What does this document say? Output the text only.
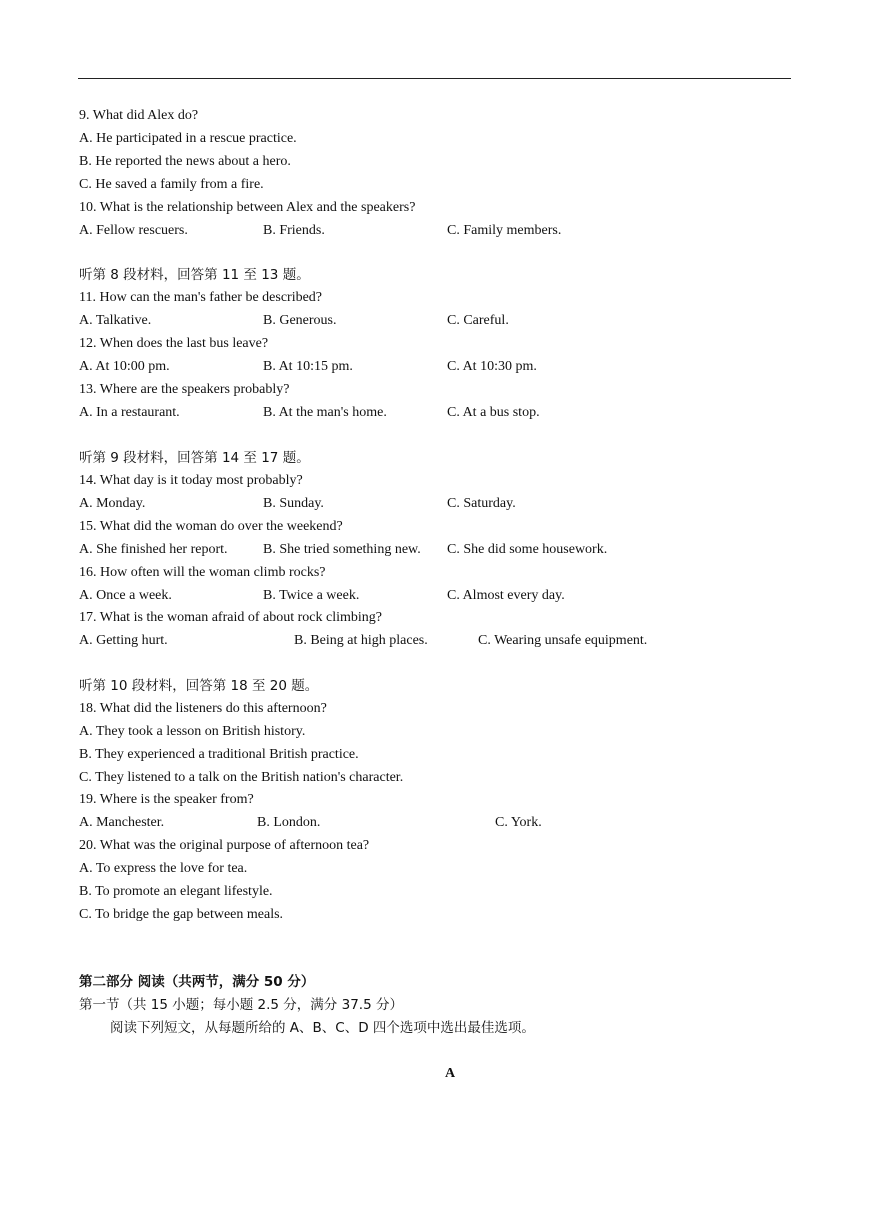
9. What did Alex do?
A. He participated in a rescue practice.
B. He reported the news about a hero.
C. He saved a family from a fire.
10. What is the relationship between Alex and the speakers?
A. Fellow rescuers.	B. Friends.	C. Family members.
听第 8 段材料，回答第 11 至 13 题。
11. How can the man's father be described?
A. Talkative.	B. Generous.	C. Careful.
12. When does the last bus leave?
A. At 10:00 pm.	B. At 10:15 pm.	C. At 10:30 pm.
13. Where are the speakers probably?
A. In a restaurant.	B. At the man's home.	C. At a bus stop.
听第 9 段材料，回答第 14 至 17 题。
14. What day is it today most probably?
A. Monday.	B. Sunday.	C. Saturday.
15. What did the woman do over the weekend?
A. She finished her report.	B. She tried something new. C. She did some housework.
16. How often will the woman climb rocks?
A. Once a week.	B. Twice a week.	C. Almost every day.
17. What is the woman afraid of about rock climbing?
A. Getting hurt.	B. Being at high places.	C. Wearing unsafe equipment.
听第 10 段材料，回答第 18 至 20 题。
18. What did the listeners do this afternoon?
A. They took a lesson on British history.
B. They experienced a traditional British practice.
C. They listened to a talk on the British nation's character.
19. Where is the speaker from?
A. Manchester.	B. London.	C. York.
20. What was the original purpose of afternoon tea?
A. To express the love for tea.
B. To promote an elegant lifestyle.
C. To bridge the gap between meals.
第二部分 阅读（共两节，满分 50 分）
第一节（共 15 小题；每小题 2.5 分，满分 37.5 分）
阅读下列短文，从每题所给的 A、B、C、D 四个选项中选出最佳选项。
A
